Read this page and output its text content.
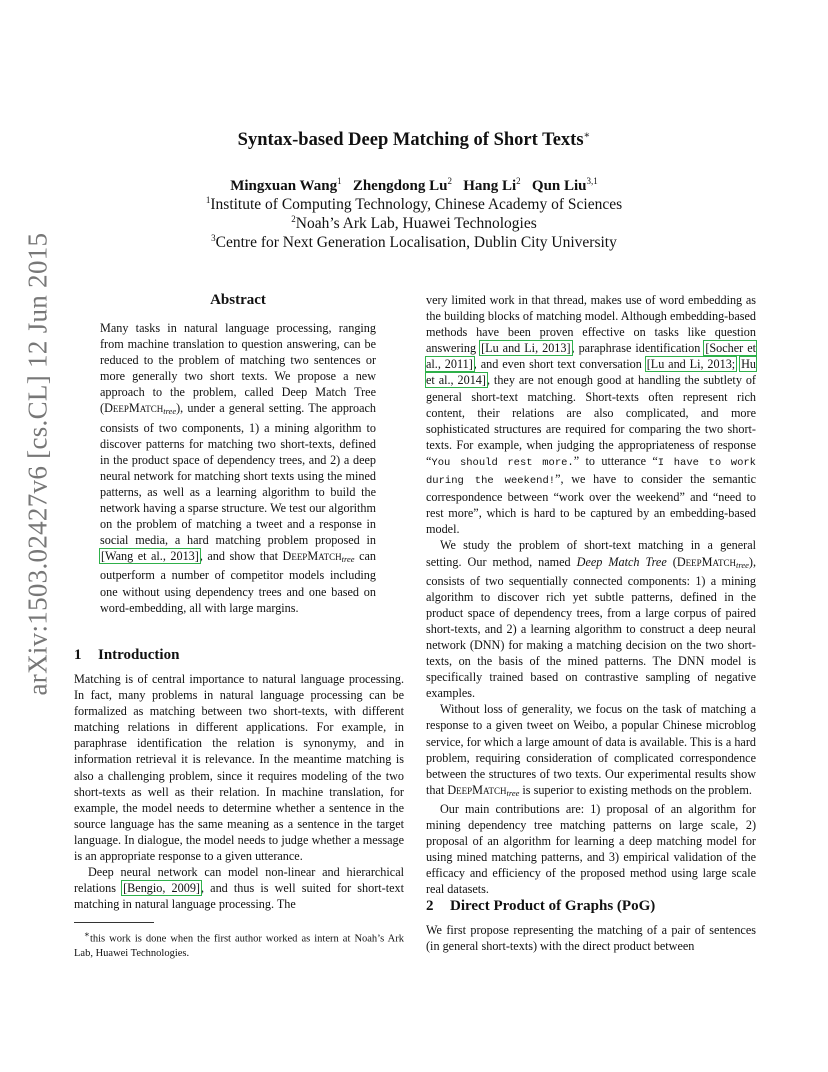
arXiv:1503.02427v6 [cs.CL] 12 Jun 2015
Syntax-based Deep Matching of Short Texts∗
Mingxuan Wang$^1$ Zhengdong Lu$^2$ Hang Li$^2$ Qun Liu$^{3,1}$
$^1$Institute of Computing Technology, Chinese Academy of Sciences
$^2$Noah’s Ark Lab, Huawei Technologies
$^3$Centre for Next Generation Localisation, Dublin City University
Abstract
Many tasks in natural language processing, ranging from machine translation to question answering, can be reduced to the problem of matching two sentences or more generally two short texts. We propose a new approach to the problem, called Deep Match Tree (DeepMatch$_{tree}$), under a general setting. The approach consists of two components, 1) a mining algorithm to discover patterns for matching two short-texts, defined in the product space of dependency trees, and 2) a deep neural network for matching short texts using the mined patterns, as well as a learning algorithm to build the network having a sparse structure. We test our algorithm on the problem of matching a tweet and a response in social media, a hard matching problem proposed in [Wang et al., 2013], and show that DeepMatch$_{tree}$ can outperform a number of competitor models including one without using dependency trees and one based on word-embedding, all with large margins.
1 Introduction

Matching is of central importance to natural language processing. In fact, many problems in natural language processing can be formalized as matching between two short-texts, with different matching relations in different applications. For example, in paraphrase identification the relation is synonymy, and in information retrieval it is relevance. In the meantime matching is also a challenging problem, since it requires modeling of the two short-texts as well as their relation. In machine translation, for example, the model needs to determine whether a sentence in the source language has the same meaning as a sentence in the target language. In dialogue, the model needs to judge whether a message is an appropriate response to a given utterance.

Deep neural network can model non-linear and hierarchical relations [Bengio, 2009], and thus is well suited for short-text matching in natural language processing. The

∗this work is done when the first author worked as intern at Noah’s Ark Lab, Huawei Technologies.

very limited work in that thread, makes use of word embedding as the building blocks of matching model. Although embedding-based methods have been proven effective on tasks like question answering [Lu and Li, 2013], paraphrase identification [Socher et al., 2011], and even short text conversation [Lu and Li, 2013; Hu et al., 2014], they are not enough good at handling the subtlety of general short-text matching. Short-texts often represent rich content, their relations are also complicated, and more sophisticated structures are required for comparing the two short-texts. For example, when judging the appropriateness of response “You should rest more.” to utterance “I have to work during the weekend!”, we have to consider the semantic correspondence between “work over the weekend” and “need to rest more”, which is hard to be captured by an embedding-based model.

We study the problem of short-text matching in a general setting. Our method, named Deep Match Tree (DeepMatch$_{tree}$), consists of two sequentially connected components: 1) a mining algorithm to discover rich yet subtle patterns, defined in the product space of dependency trees, from a large corpus of paired short-texts, and 2) a learning algorithm to construct a deep neural network (DNN) for making a matching decision on the two short-texts, on the basis of the mined patterns. The DNN model is specifically trained based on contrastive sampling of negative examples.

Without loss of generality, we focus on the task of matching a response to a given tweet on Weibo, a popular Chinese microblog service, for which a large amount of data is available. This is a hard problem, requiring consideration of complicated correspondence between the structures of two texts. Our experimental results show that DeepMatch$_{tree}$ is superior to existing methods on the problem.

Our main contributions are: 1) proposal of an algorithm for mining dependency tree matching patterns on large scale, 2) proposal of an algorithm for learning a deep matching model for using mined matching patterns, and 3) empirical validation of the efficacy and efficiency of the proposed method using large scale real datasets.

2 Direct Product of Graphs (PoG)

We first propose representing the matching of a pair of sentences (in general short-texts) with the direct product between
